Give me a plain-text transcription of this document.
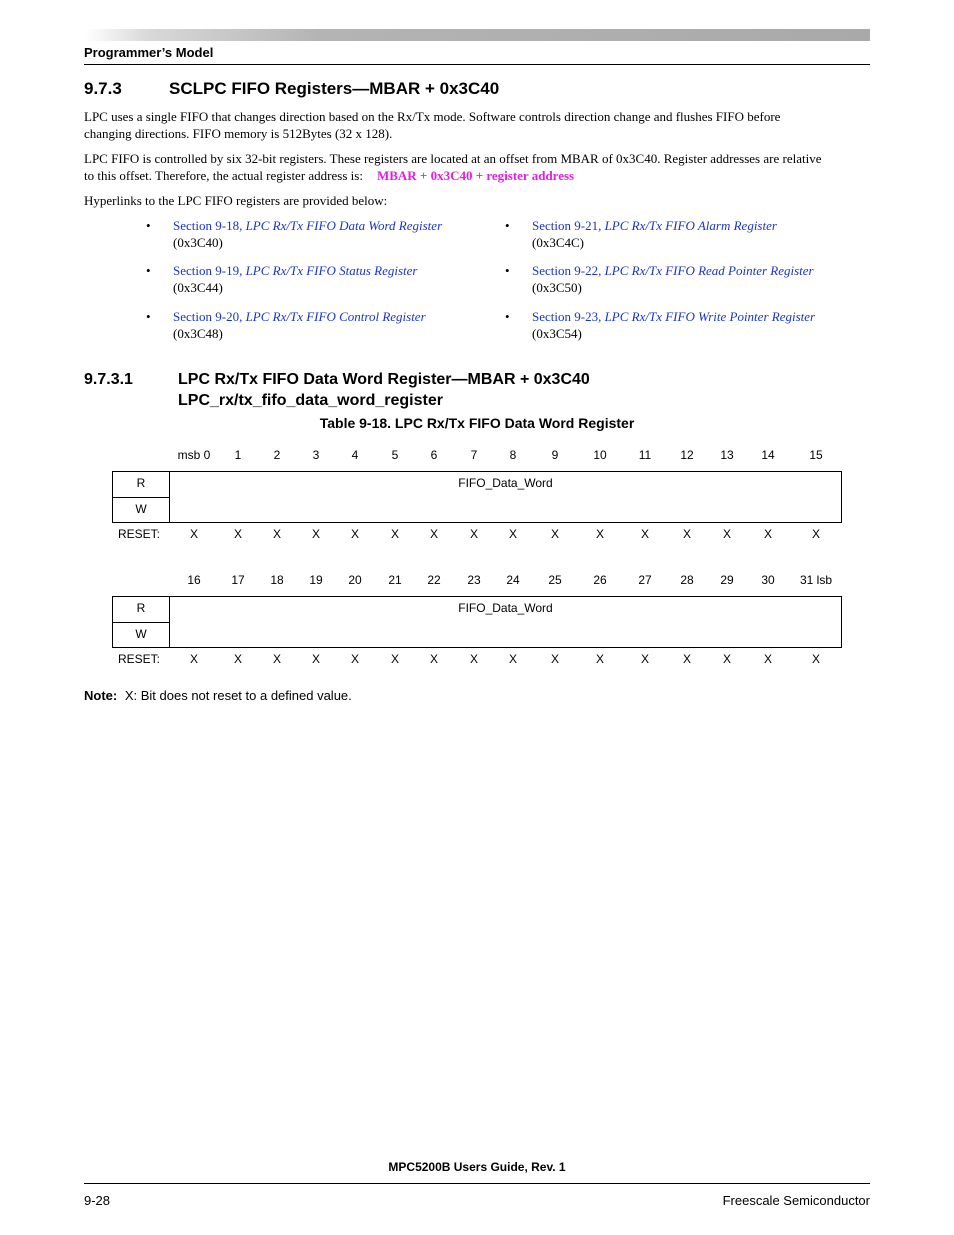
Programmer’s Model
9.7.3	SCLPC FIFO Registers—MBAR + 0x3C40
LPC uses a single FIFO that changes direction based on the Rx/Tx mode. Software controls direction change and flushes FIFO before
changing directions. FIFO memory is 512Bytes (32 x 128).
LPC FIFO is controlled by six 32-bit registers. These registers are located at an offset from MBAR of 0x3C40. Register addresses are relative
to this offset. Therefore, the actual register address is: MBAR + 0x3C40 + register address
Hyperlinks to the LPC FIFO registers are provided below:
• Section 9-18, LPC Rx/Tx FIFO Data Word Register
(0x3C40)
• Section 9-19, LPC Rx/Tx FIFO Status Register
(0x3C44)
• Section 9-20, LPC Rx/Tx FIFO Control Register
(0x3C48)
• Section 9-21, LPC Rx/Tx FIFO Alarm Register
(0x3C4C)
• Section 9-22, LPC Rx/Tx FIFO Read Pointer Register
(0x3C50)
• Section 9-23, LPC Rx/Tx FIFO Write Pointer Register
(0x3C54)
9.7.3.1	LPC Rx/Tx FIFO Data Word Register—MBAR + 0x3C40
LPC_rx/tx_fifo_data_word_register
Table 9-18. LPC Rx/Tx FIFO Data Word Register
msb 0 1	2	3	4	5	6	7	8	9	10	11 12 13 14	15
R
W
FIFO_Data_Word
RESET: X	X	X	X	X	X	X	X	X	X	X	X	X	X	X	X
16	17 18 19 20 21 22 23 24 25	26	27 28 29 30 31 lsb
R
W
FIFO_Data_Word
RESET: X	X	X	X	X	X	X	X	X	X	X	X	X	X	X	X
Note: X: Bit does not reset to a defined value.
MPC5200B Users Guide, Rev. 1
9-28	Freescale Semiconductor
